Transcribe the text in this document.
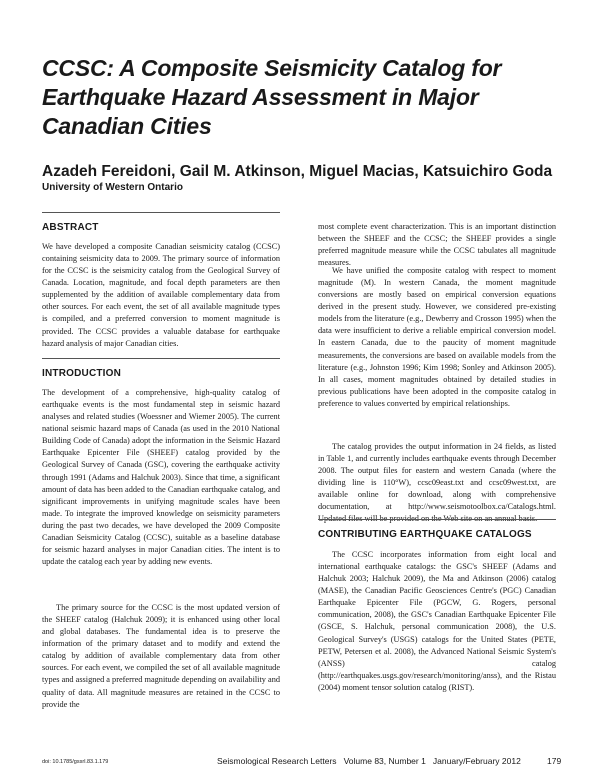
CCSC: A Composite Seismicity Catalog for Earthquake Hazard Assessment in Major Canadian Cities
Azadeh Fereidoni, Gail M. Atkinson, Miguel Macias, Katsuichiro Goda
University of Western Ontario
ABSTRACT

We have developed a composite Canadian seismicity catalog (CCSC) containing seismicity data to 2009. The primary source of information for the CCSC is the seismicity catalog from the Geological Survey of Canada. Location, magnitude, and focal depth parameters are then supplemented by the addition of available complementary data from other sources. For each event, the set of all available magnitude types is compiled, and a preferred conversion to moment magnitude is provided. The CCSC provides a valuable database for earthquake hazard analysis of major Canadian cities.

INTRODUCTION

The development of a comprehensive, high-quality catalog of earthquake events is the most fundamental step in seismic hazard analyses and related studies (Woessner and Wiemer 2005). The current national seismic hazard maps of Canada (as used in the 2010 National Building Code of Canada) adopt the information in the Seismic Hazard Earthquake Epicenter File (SHEEF) catalog provided by the Geological Survey of Canada (GSC), covering the earthquake activity through 1991 (Adams and Halchuk 2003). Since that time, a significant amount of data has been added to the Canadian earthquake catalog, and significant improvements in unifying magnitude scales have been made. To integrate the improved knowledge on seismicity parameters during the past two decades, we have developed the 2009 Composite Canadian Seismicity Catalog (CCSC), suitable as a baseline database for seismic hazard analyses in major Canadian cities. The intent is to update the catalog each year by adding new events.

The primary source for the CCSC is the most updated version of the SHEEF catalog (Halchuk 2009); it is enhanced using other local and global databases. The fundamental idea is to preserve the information of the primary dataset and to modify and extend the catalog by addition of available complementary data from other sources. For each event, we compiled the set of all available magnitude types and assigned a preferred magnitude depending on availability and quality of data. All magnitude measures are retained in the CCSC to provide the

most complete event characterization. This is an important distinction between the SHEEF and the CCSC; the SHEEF provides a single preferred magnitude measure while the CCSC tabulates all magnitude measures.

We have unified the composite catalog with respect to moment magnitude (M). In western Canada, the moment magnitude conversions are mostly based on empirical conversion equations derived in the present study. However, we considered pre-existing models from the literature (e.g., Dewberry and Crosson 1995) when the data were insufficient to derive a reliable empirical conversion model. In eastern Canada, due to the paucity of moment magnitude measurements, the conversions are based on available models from the literature (e.g., Johnston 1996; Kim 1998; Sonley and Atkinson 2005). In all cases, moment magnitudes obtained by detailed studies in previous publications have been adopted in the composite catalog in preference to values converted by empirical relationships.

The catalog provides the output information in 24 fields, as listed in Table 1, and currently includes earthquake events through December 2008. The output files for eastern and western Canada (where the dividing line is 110°W), ccsc09east.txt and ccsc09west.txt, are available online for download, along with comprehensive documentation, at http://www.seismotoolbox.ca/Catalogs.html. Updated files will be provided on the Web site on an annual basis.

CONTRIBUTING EARTHQUAKE CATALOGS

The CCSC incorporates information from eight local and international earthquake catalogs: the GSC's SHEEF (Adams and Halchuk 2003; Halchuk 2009), the Ma and Atkinson (2006) catalog (MASE), the Canadian Pacific Geosciences Centre's (PGC) Canadian Earthquake Epicenter File (PGCW, G. Rogers, personal communication, 2008), the GSC's Canadian Earthquake Epicenter File (GSCE, S. Halchuk, personal communication 2008), the U.S. Geological Survey's (USGS) catalogs for the United States (PETE, PETW, Petersen et al. 2008), the Advanced National Seismic System's (ANSS) catalog (http://earthquakes.usgs.gov/research/monitoring/anss), and the Ristau (2004) moment tensor solution catalog (RIST).

doi: 10.1785/gssrl.83.1.179	Seismological Research Letters   Volume 83, Number 1   January/February 2012	179
